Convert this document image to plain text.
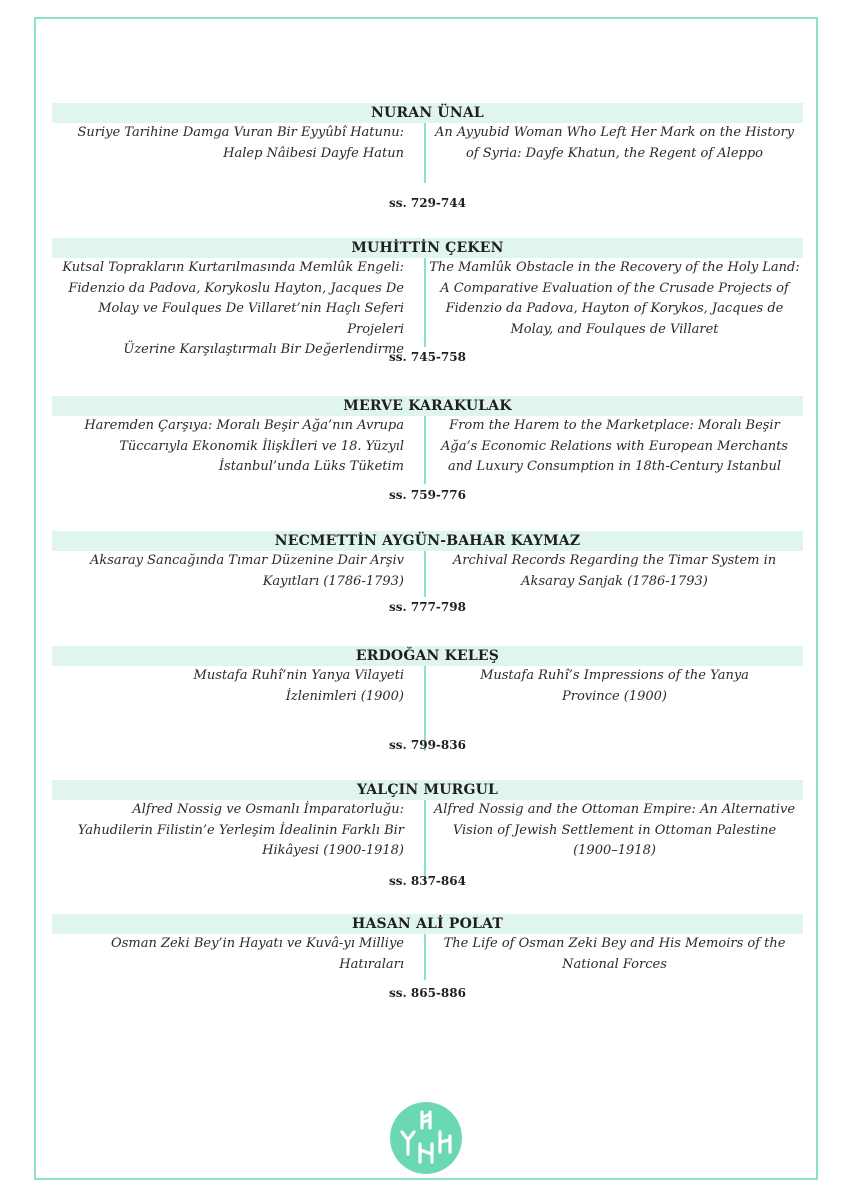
NURAN ÜNAL
Suriye Tarihine Damga Vuran Bir Eyyûbî Hatunu:
Halep Nâibesi Dayfe Hatun
An Ayyubid Woman Who Left Her Mark on the History
of Syria: Dayfe Khatun, the Regent of Aleppo
ss. 729-744
MUHİTTİN ÇEKEN
Kutsal Toprakların Kurtarılmasında Memlûk Engeli:
Fidenzio da Padova, Korykoslu Hayton, Jacques De
Molay ve Foulques De Villaret’nin Haçlı Seferi Projeleri
Üzerine Karşılaştırmalı Bir Değerlendirme
The Mamlûk Obstacle in the Recovery of the Holy Land:
A Comparative Evaluation of the Crusade Projects of
Fidenzio da Padova, Hayton of Korykos, Jacques de
Molay, and Foulques de Villaret
ss. 745-758
MERVE KARAKULAK
Haremden Çarşıya: Moralı Beşir Ağa’nın Avrupa
Tüccarıyla Ekonomik İlişkİleri ve 18. Yüzyıl
İstanbul’unda Lüks Tüketim
From the Harem to the Marketplace: Moralı Beşir
Ağa’s Economic Relations with European Merchants
and Luxury Consumption in 18th-Century Istanbul
ss. 759-776
NECMETTİN AYGÜN-BAHAR KAYMAZ
Aksaray Sancağında Tımar Düzenine Dair Arşiv
Kayıtları (1786-1793)
Archival Records Regarding the Timar System in
Aksaray Sanjak (1786-1793)
ss. 777-798
ERDOĞAN KELEŞ
Mustafa Ruhî’nin Yanya Vilayeti
İzlenimleri (1900)
Mustafa Ruhî’s Impressions of the Yanya
Province (1900)
ss. 799-836
YALÇIN MURGUL
Alfred Nossig ve Osmanlı İmparatorluğu:
Yahudilerin Filistin’e Yerleşim İdealinin Farklı Bir
Hikâyesi (1900-1918)
Alfred Nossig and the Ottoman Empire: An Alternative
Vision of Jewish Settlement in Ottoman Palestine
(1900–1918)
ss. 837-864
HASAN ALİ POLAT
Osman Zeki Bey’in Hayatı ve Kuvâ-yı Milliye
Hatıraları
The Life of Osman Zeki Bey and His Memoirs of the
National Forces
ss. 865-886
